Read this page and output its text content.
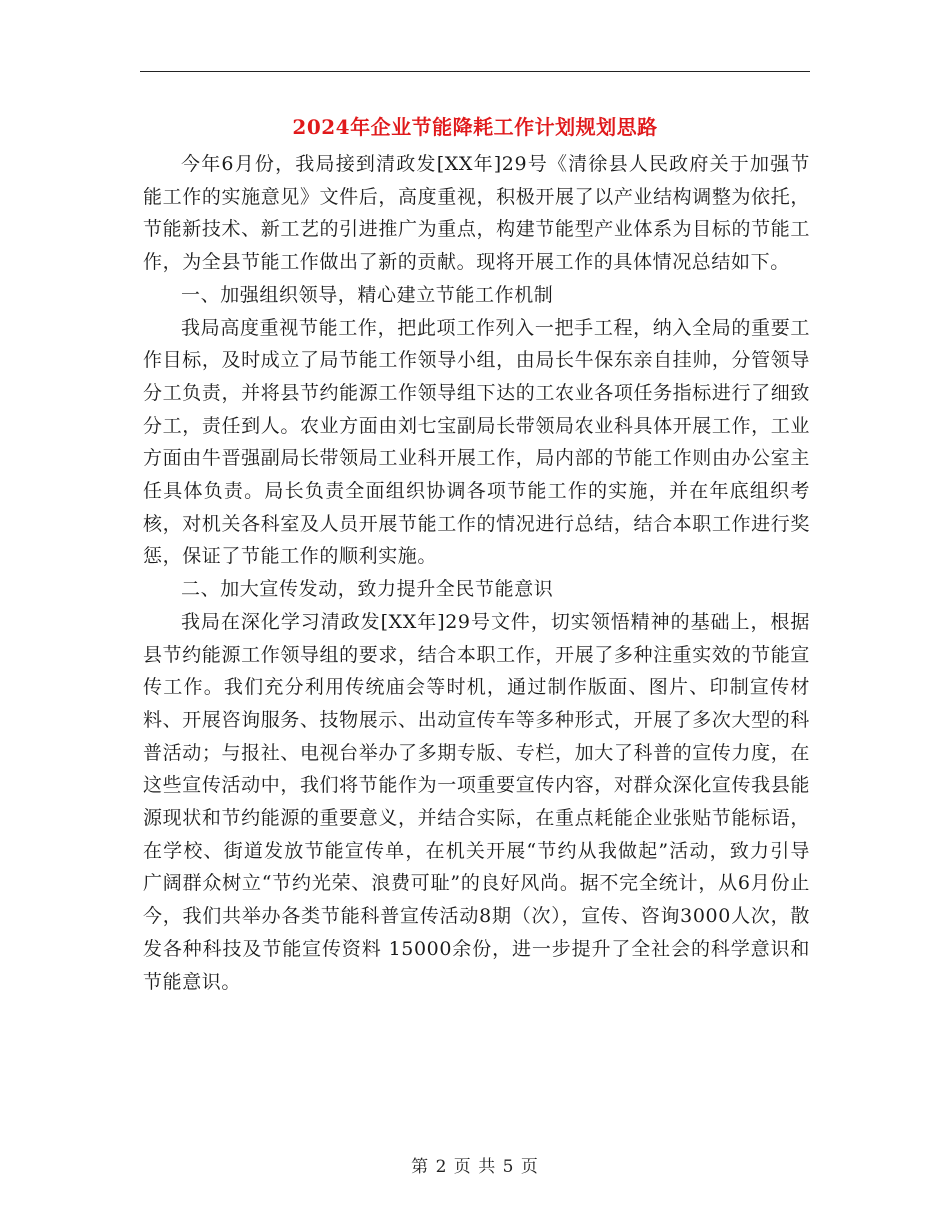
2024年企业节能降耗工作计划规划思路

今年6月份，我局接到清政发[XX年]29号《清徐县人民政府关于加强节能工作的实施意见》文件后，高度重视，积极开展了以产业结构调整为依托，节能新技术、新工艺的引进推广为重点，构建节能型产业体系为目标的节能工作，为全县节能工作做出了新的贡献。现将开展工作的具体情况总结如下。

一、加强组织领导，精心建立节能工作机制

我局高度重视节能工作，把此项工作列入一把手工程，纳入全局的重要工作目标，及时成立了局节能工作领导小组，由局长牛保东亲自挂帅，分管领导分工负责，并将县节约能源工作领导组下达的工农业各项任务指标进行了细致分工，责任到人。农业方面由刘七宝副局长带领局农业科具体开展工作，工业方面由牛晋强副局长带领局工业科开展工作，局内部的节能工作则由办公室主任具体负责。局长负责全面组织协调各项节能工作的实施，并在年底组织考核，对机关各科室及人员开展节能工作的情况进行总结，结合本职工作进行奖惩，保证了节能工作的顺利实施。

二、加大宣传发动，致力提升全民节能意识

我局在深化学习清政发[XX年]29号文件，切实领悟精神的基础上，根据县节约能源工作领导组的要求，结合本职工作，开展了多种注重实效的节能宣传工作。我们充分利用传统庙会等时机，通过制作版面、图片、印制宣传材料、开展咨询服务、技物展示、出动宣传车等多种形式，开展了多次大型的科普活动；与报社、电视台举办了多期专版、专栏，加大了科普的宣传力度，在这些宣传活动中，我们将节能作为一项重要宣传内容，对群众深化宣传我县能源现状和节约能源的重要意义，并结合实际，在重点耗能企业张贴节能标语，在学校、街道发放节能宣传单，在机关开展“节约从我做起”活动，致力引导广阔群众树立“节约光荣、浪费可耻”的良好风尚。据不完全统计，从6月份止今，我们共举办各类节能科普宣传活动8期（次），宣传、咨询3000人次，散发各种科技及节能宣传资料 15000余份，进一步提升了全社会的科学意识和节能意识。

第 2 页 共 5 页
